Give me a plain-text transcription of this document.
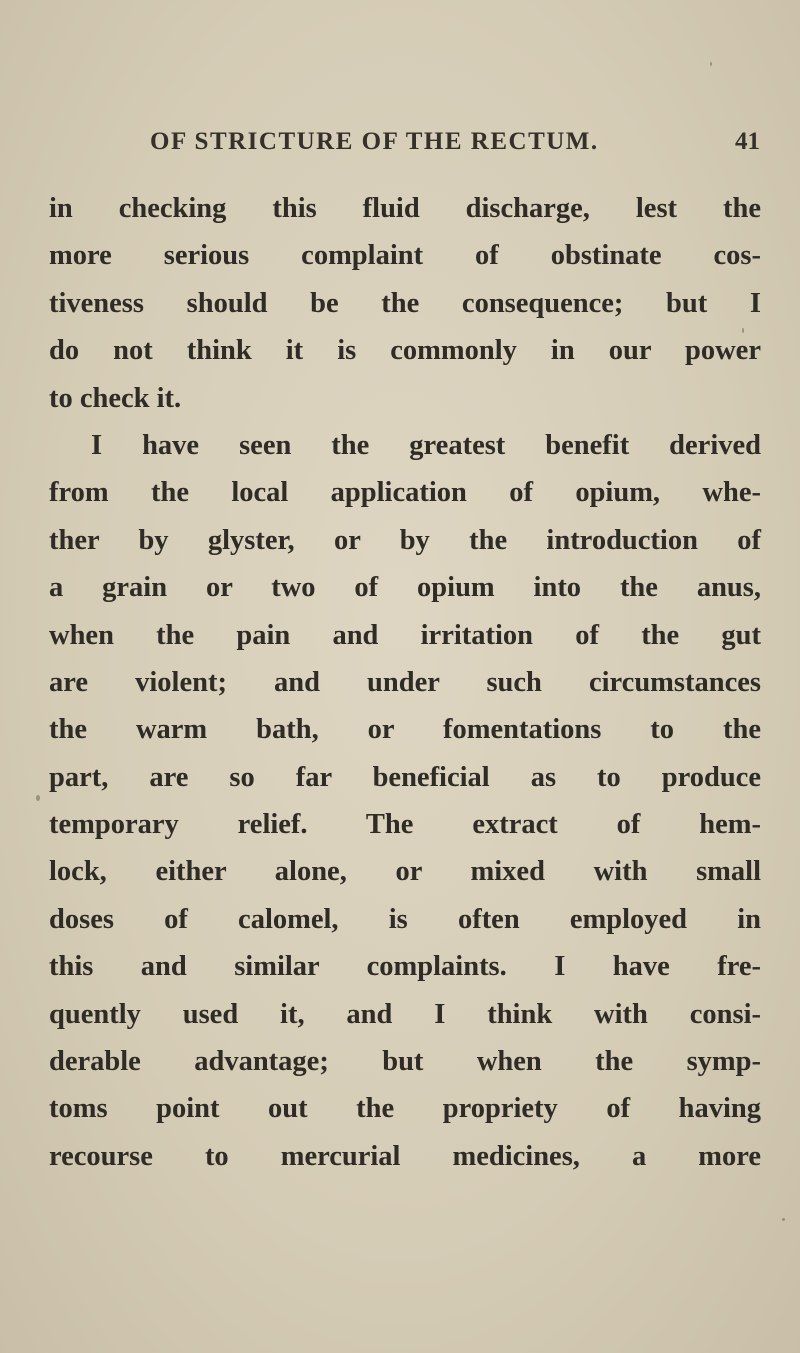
OF STRICTURE OF THE RECTUM.	41
in checking this fluid discharge, lest the
more serious complaint of obstinate cos-
tiveness should be the consequence; but I
do not think it is commonly in our power
to check it.
I have seen the greatest benefit derived
from the local application of opium, whe-
ther by glyster, or by the introduction of
a grain or two of opium into the anus,
when the pain and irritation of the gut
are violent; and under such circumstances
the warm bath, or fomentations to the
part, are so far beneficial as to produce
temporary relief. The extract of hem-
lock, either alone, or mixed with small
doses of calomel, is often employed in
this and similar complaints. I have fre-
quently used it, and I think with consi-
derable advantage; but when the symp-
toms point out the propriety of having
recourse to mercurial medicines, a more
